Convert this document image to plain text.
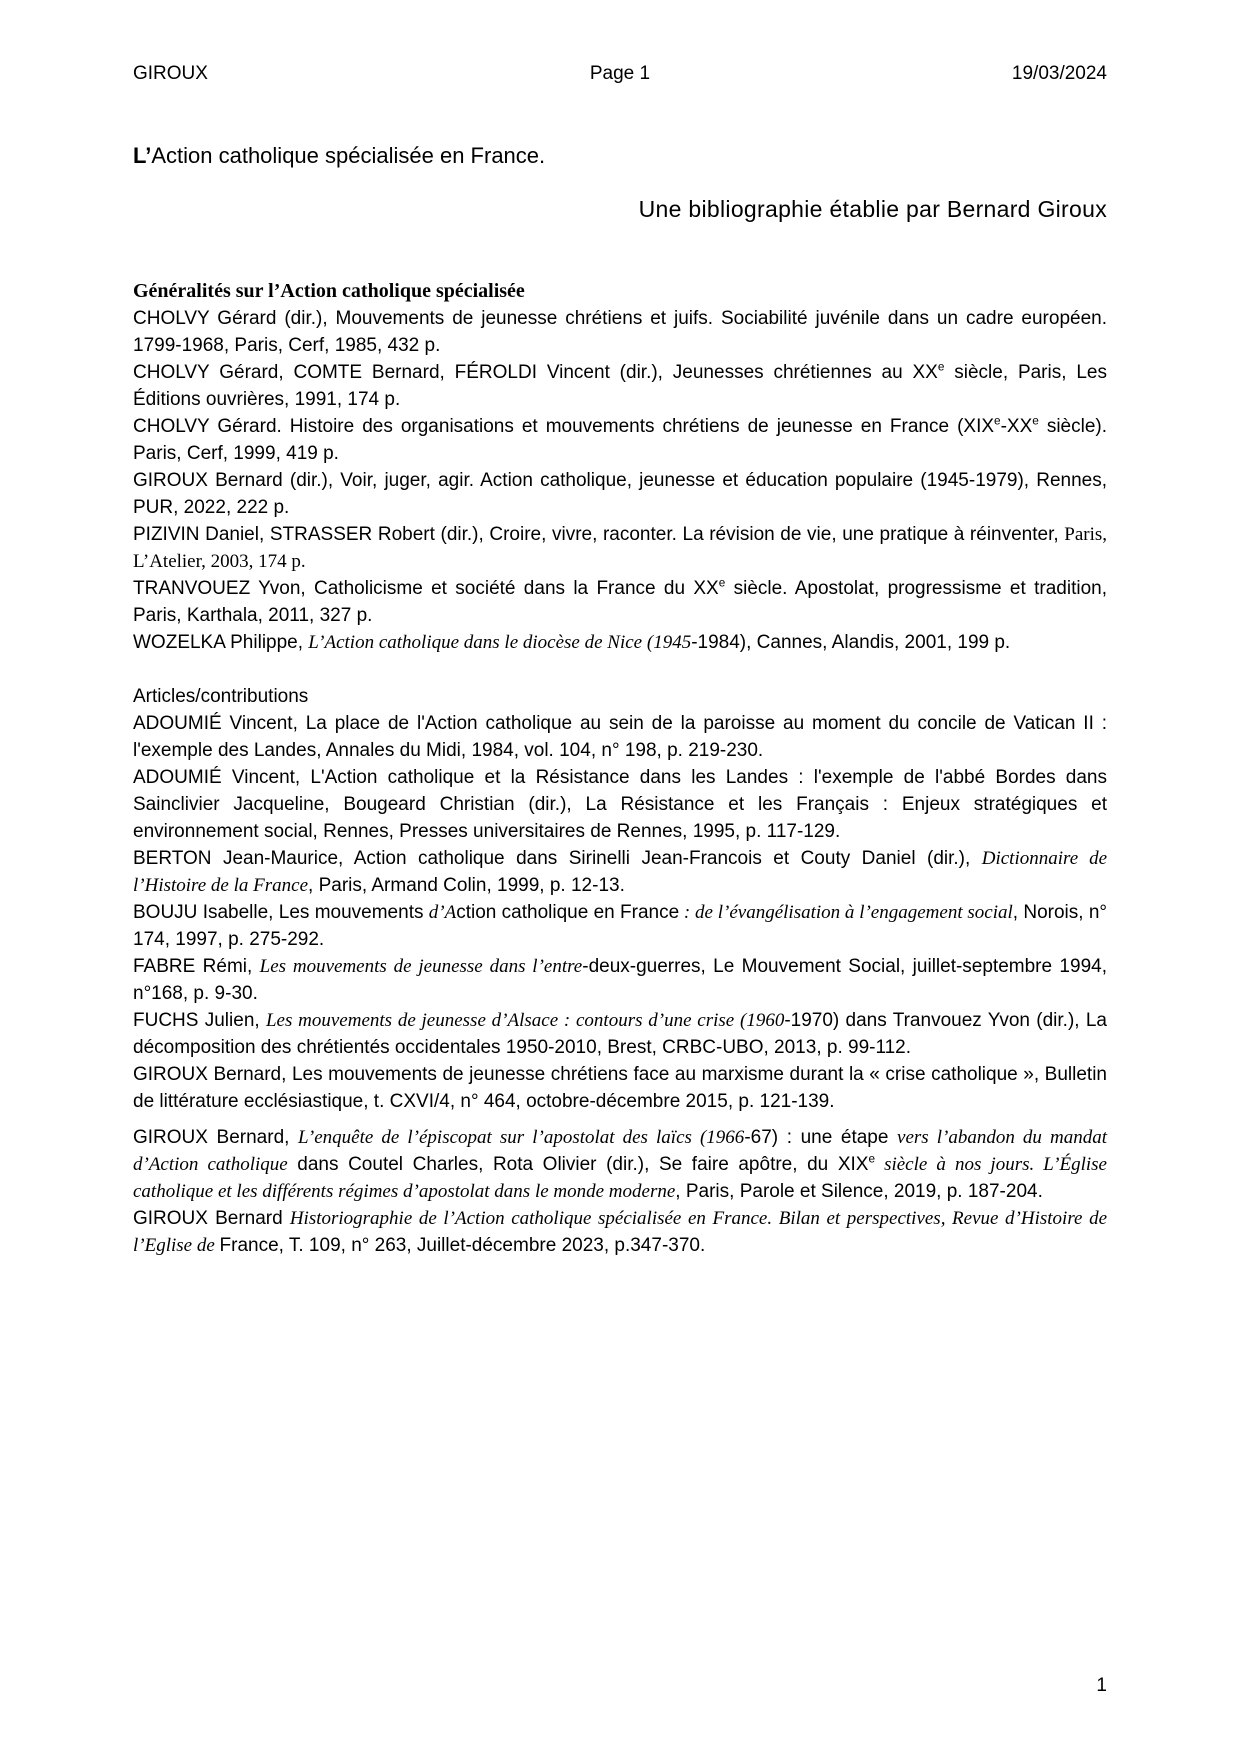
GIROUX	Page 1	19/03/2024

L’Action catholique spécialisée en France.

Une bibliographie établie par Bernard Giroux

Généralités sur l’Action catholique spécialisée

CHOLVY Gérard (dir.), Mouvements de jeunesse chrétiens et juifs. Sociabilité juvénile dans un cadre européen. 1799-1968, Paris, Cerf, 1985, 432 p.

CHOLVY Gérard, COMTE Bernard, FÉROLDI Vincent (dir.), Jeunesses chrétiennes au XXe siècle, Paris, Les Éditions ouvrières, 1991, 174 p.

CHOLVY Gérard. Histoire des organisations et mouvements chrétiens de jeunesse en France (XIXe-XXe siècle). Paris, Cerf, 1999, 419 p.

GIROUX Bernard (dir.), Voir, juger, agir. Action catholique, jeunesse et éducation populaire (1945-1979), Rennes, PUR, 2022, 222 p.

PIZIVIN Daniel, STRASSER Robert (dir.), Croire, vivre, raconter. La révision de vie, une pratique à réinventer, Paris, L’Atelier, 2003, 174 p.

TRANVOUEZ Yvon, Catholicisme et société dans la France du XXe siècle. Apostolat, progressisme et tradition, Paris, Karthala, 2011, 327 p.

WOZELKA Philippe, L’Action catholique dans le diocèse de Nice (1945-1984), Cannes, Alandis, 2001, 199 p.

Articles/contributions

ADOUMIÉ Vincent, La place de l'Action catholique au sein de la paroisse au moment du concile de Vatican II : l'exemple des Landes, Annales du Midi, 1984, vol. 104, n° 198, p. 219-230.

ADOUMIÉ Vincent, L'Action catholique et la Résistance dans les Landes : l'exemple de l'abbé Bordes dans Sainclivier Jacqueline, Bougeard Christian (dir.), La Résistance et les Français : Enjeux stratégiques et environnement social, Rennes, Presses universitaires de Rennes, 1995, p. 117-129.

BERTON Jean-Maurice, Action catholique dans Sirinelli Jean-Francois et Couty Daniel (dir.), Dictionnaire de l’Histoire de la France, Paris, Armand Colin, 1999, p. 12-13.

BOUJU Isabelle, Les mouvements d’Action catholique en France : de l’évangélisation à l’engagement social, Norois, n° 174, 1997, p. 275-292.

FABRE Rémi, Les mouvements de jeunesse dans l’entre-deux-guerres, Le Mouvement Social, juillet-septembre 1994, n°168, p. 9-30.

FUCHS Julien, Les mouvements de jeunesse d’Alsace : contours d’une crise (1960-1970) dans Tranvouez Yvon (dir.), La décomposition des chrétientés occidentales 1950-2010, Brest, CRBC-UBO, 2013, p. 99-112.

GIROUX Bernard, Les mouvements de jeunesse chrétiens face au marxisme durant la « crise catholique », Bulletin de littérature ecclésiastique, t. CXVI/4, n° 464, octobre-décembre 2015, p. 121-139.

GIROUX Bernard, L’enquête de l’épiscopat sur l’apostolat des laïcs (1966-67) : une étape vers l’abandon du mandat d’Action catholique dans Coutel Charles, Rota Olivier (dir.), Se faire apôtre, du XIXe siècle à nos jours. L’Église catholique et les différents régimes d’apostolat dans le monde moderne, Paris, Parole et Silence, 2019, p. 187-204.

GIROUX Bernard Historiographie de l’Action catholique spécialisée en France. Bilan et perspectives, Revue d’Histoire de l’Eglise de France, T. 109, n° 263, Juillet-décembre 2023, p.347-370.

1
